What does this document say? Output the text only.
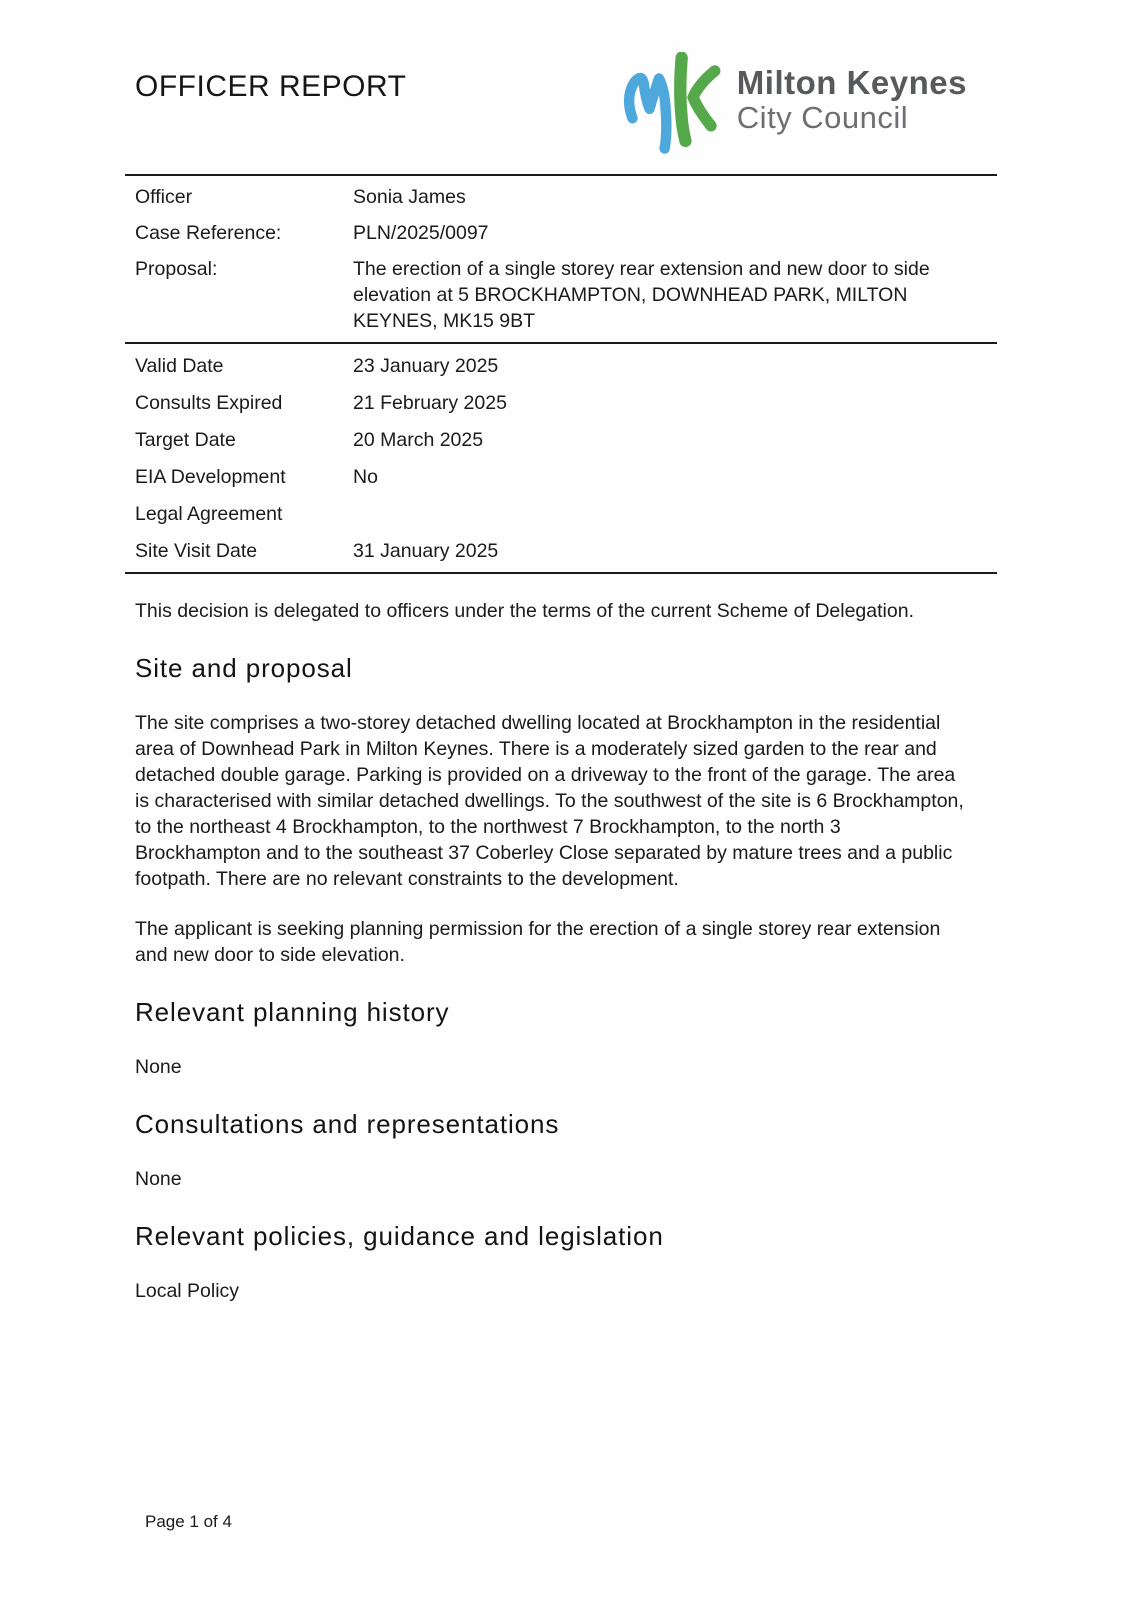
OFFICER REPORT	Milton Keynes
City Council
Officer	Sonia James
Case Reference:	PLN/2025/0097
Proposal:	The erection of a single storey rear extension and new door to side elevation at 5 BROCKHAMPTON, DOWNHEAD PARK, MILTON KEYNES, MK15 9BT
Valid Date	23 January 2025
Consults Expired	21 February 2025
Target Date	20 March 2025
EIA Development	No
Legal Agreement
Site Visit Date	31 January 2025

This decision is delegated to officers under the terms of the current Scheme of Delegation.

Site and proposal

The site comprises a two-storey detached dwelling located at Brockhampton in the residential area of Downhead Park in Milton Keynes. There is a moderately sized garden to the rear and detached double garage. Parking is provided on a driveway to the front of the garage. The area is characterised with similar detached dwellings. To the southwest of the site is 6 Brockhampton, to the northeast 4 Brockhampton, to the northwest 7 Brockhampton, to the north 3 Brockhampton and to the southeast 37 Coberley Close separated by mature trees and a public footpath. There are no relevant constraints to the development.

The applicant is seeking planning permission for the erection of a single storey rear extension and new door to side elevation.

Relevant planning history

None

Consultations and representations

None

Relevant policies, guidance and legislation

Local Policy

Page 1 of 4
